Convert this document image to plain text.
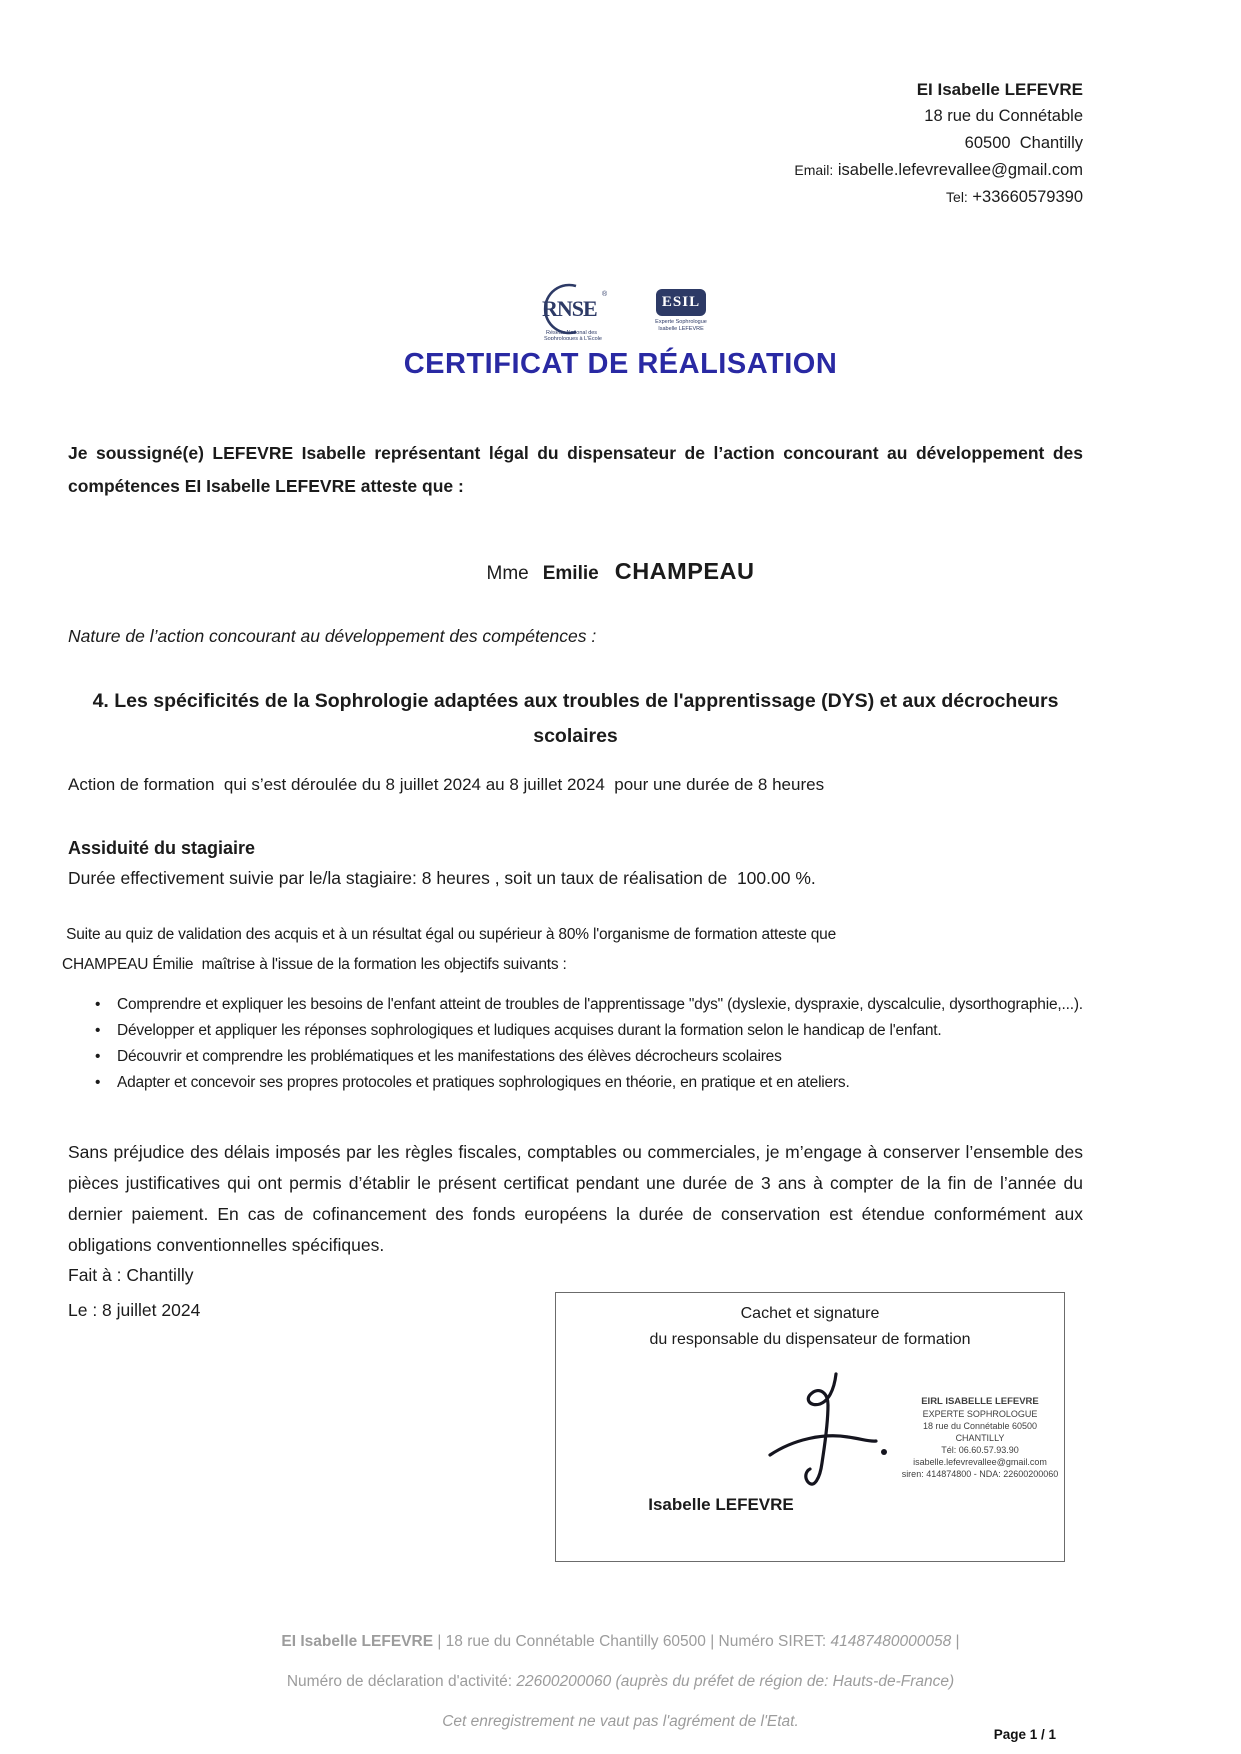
EI Isabelle LEFEVRE
18 rue du Connétable
60500  Chantilly
Email: isabelle.lefevrevallee@gmail.com
Tel: +33660579390
RNSE
®
Réseau National des
Sophrologues à L'École
ESIL
Experte Sophrologue
Isabelle LEFEVRE
CERTIFICAT DE RÉALISATION
Je soussigné(e) LEFEVRE Isabelle représentant légal du dispensateur de l’action concourant au développement des compétences EI Isabelle LEFEVRE atteste que :
Mme Emilie CHAMPEAU
Nature de l’action concourant au développement des compétences :
4. Les spécificités de la Sophrologie adaptées aux troubles de l'apprentissage (DYS) et aux décrocheurs scolaires
Action de formation  qui s’est déroulée du 8 juillet 2024 au 8 juillet 2024  pour une durée de 8 heures
Assiduité du stagiaire
Durée effectivement suivie par le/la stagiaire: 8 heures , soit un taux de réalisation de  100.00 %.
Suite au quiz de validation des acquis et à un résultat égal ou supérieur à 80% l'organisme de formation atteste que
CHAMPEAU Émilie  maîtrise à l'issue de la formation les objectifs suivants :
•	Comprendre et expliquer les besoins de l'enfant atteint de troubles de l'apprentissage "dys" (dyslexie, dyspraxie, dyscalculie, dysorthographie,...).
•	Développer et appliquer les réponses sophrologiques et ludiques acquises durant la formation selon le handicap de l'enfant.
•	Découvrir et comprendre les problématiques et les manifestations des élèves décrocheurs scolaires
•	Adapter et concevoir ses propres protocoles et pratiques sophrologiques en théorie, en pratique et en ateliers.
Sans préjudice des délais imposés par les règles fiscales, comptables ou commerciales, je m’engage à conserver l’ensemble des pièces justificatives qui ont permis d’établir le présent certificat pendant une durée de 3 ans à compter de la fin de l’année du dernier paiement. En cas de cofinancement des fonds européens la durée de conservation est étendue conformément aux obligations conventionnelles spécifiques.
Fait à : Chantilly
Le : 8 juillet 2024	Cachet et signature
du responsable du dispensateur de formation
EIRL ISABELLE LEFEVRE
EXPERTE SOPHROLOGUE
18 rue du Connétable 60500 CHANTILLY
Tél: 06.60.57.93.90
isabelle.lefevrevallee@gmail.com
siren: 414874800 - NDA: 22600200060
Isabelle LEFEVRE
EI Isabelle LEFEVRE | 18 rue du Connétable Chantilly 60500 | Numéro SIRET: 41487480000058 |
Numéro de déclaration d'activité: 22600200060 (auprès du préfet de région de: Hauts-de-France)
Cet enregistrement ne vaut pas l'agrément de l'Etat.
Page 1 / 1
